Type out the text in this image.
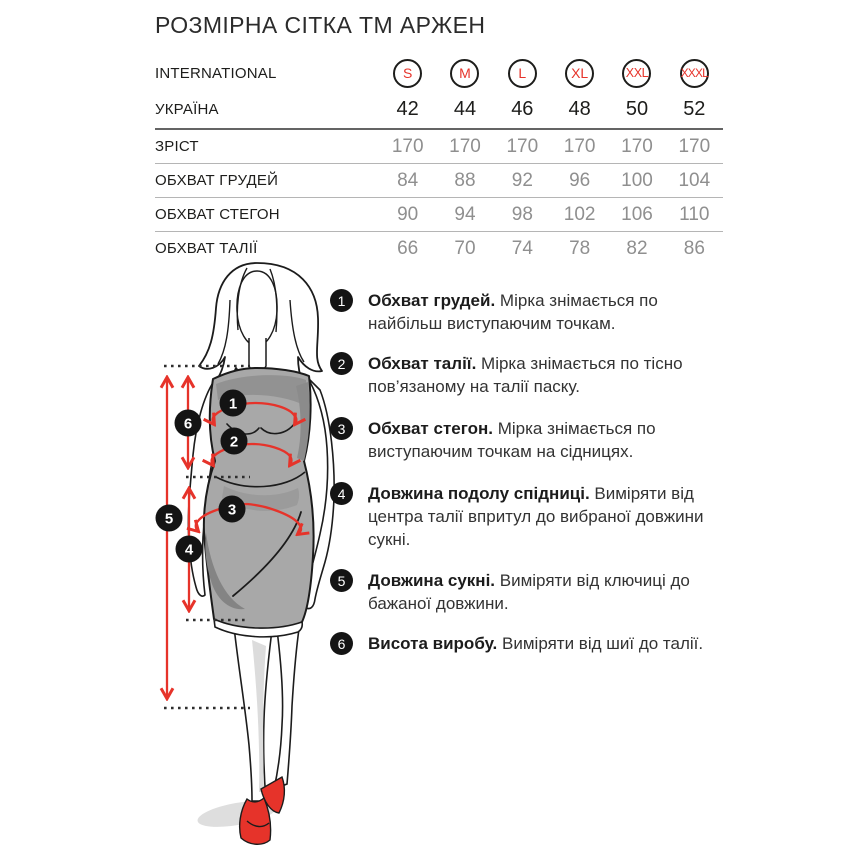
РОЗМІРНА СІТКА ТМ АРЖЕН
INTERNATIONAL	S	M	L	XL	XXL	XXXL
УКРАЇНА	42	44	46	48	50	52
ЗРІСТ	170	170	170	170	170	170
ОБХВАТ ГРУДЕЙ	84	88	92	96	100	104
ОБХВАТ СТЕГОН	90	94	98	102	106	110
ОБХВАТ ТАЛІЇ	66	70	74	78	82	86
1
2
3
4
5
6
1	Обхват грудей. Мірка знімається по найбільш виступаючим точкам.

2	Обхват талії. Мірка знімається по тісно пов’язаному на талії паску.

3	Обхват стегон. Мірка знімається по виступаючим точкам на сідницях.

4	Довжина подолу спідниці. Виміряти від центра талії впритул до вибраної довжини сукні.

5	Довжина сукні. Виміряти від ключиці до бажаної довжини.

6	Висота виробу. Виміряти від шиї до талії.
